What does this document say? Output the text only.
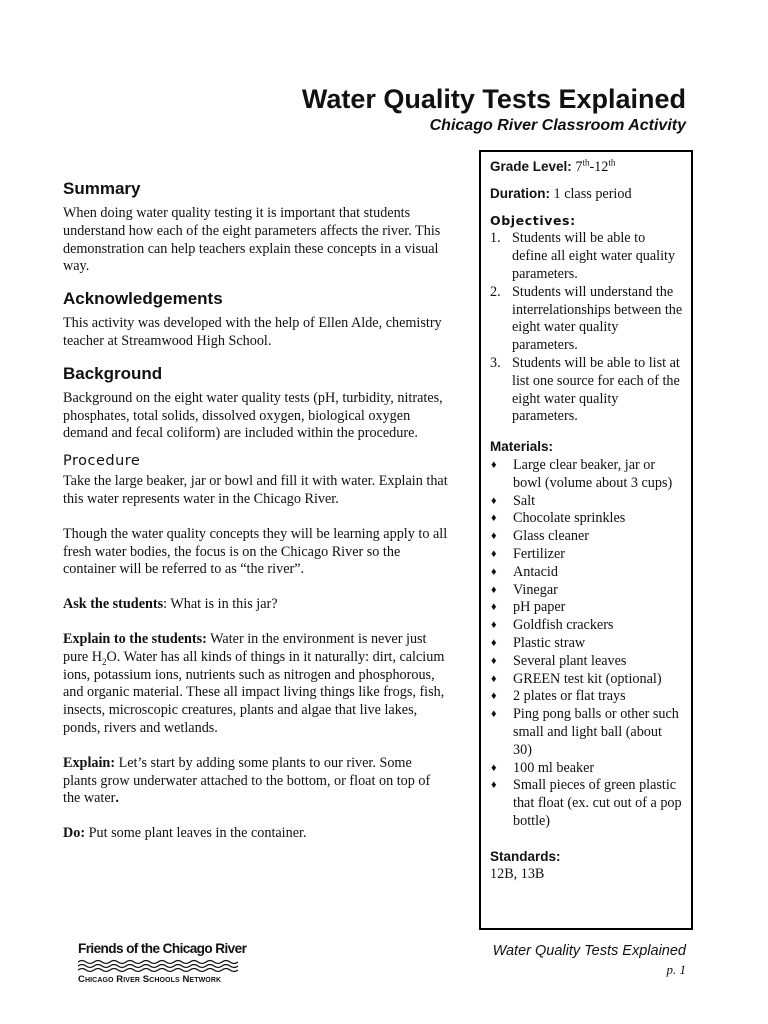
Water Quality Tests Explained
Chicago River Classroom Activity
Summary

When doing water quality testing it is important that students understand how each of the eight parameters affects the river. This demonstration can help teachers explain these concepts in a visual way.

Acknowledgements

This activity was developed with the help of Ellen Alde, chemistry teacher at Streamwood High School.

Background

Background on the eight water quality tests (pH, turbidity, nitrates, phosphates, total solids, dissolved oxygen, biological oxygen demand and fecal coliform) are included within the procedure.

Procedure

Take the large beaker, jar or bowl and fill it with water. Explain that this water represents water in the Chicago River.

Though the water quality concepts they will be learning apply to all fresh water bodies, the focus is on the Chicago River so the container will be referred to as “the river”.

Ask the students: What is in this jar?

Explain to the students: Water in the environment is never just pure $H_2O$. Water has all kinds of things in it naturally: dirt, calcium ions, potassium ions, nutrients such as nitrogen and phosphorous, and organic material. These all impact living things like frogs, fish, insects, microscopic creatures, plants and algae that live lakes, ponds, rivers and wetlands.

Explain: Let’s start by adding some plants to our river. Some plants grow underwater attached to the bottom, or float on top of the water.

Do: Put some plant leaves in the container.

Grade Level: 7th-12th
Duration: 1 class period
Objectives:
1. Students will be able to define all eight water quality parameters.
2. Students will understand the interrelationships between the eight water quality parameters.
3. Students will be able to list at list one source for each of the eight water quality parameters.
Materials:
♦	Large clear beaker, jar or bowl (volume about 3 cups)
♦	Salt
♦	Chocolate sprinkles
♦	Glass cleaner
♦	Fertilizer
♦	Antacid
♦	Vinegar
♦	pH paper
♦	Goldfish crackers
♦	Plastic straw
♦	Several plant leaves
♦	GREEN test kit (optional)
♦	2 plates or flat trays
♦	Ping pong balls or other such small and light ball (about 30)
♦	100 ml beaker
♦	Small pieces of green plastic that float (ex. cut out of a pop bottle)
Standards:
12B, 13B
Water Quality Tests Explained
p. 1
Friends of the Chicago River
Chicago River Schools Network
